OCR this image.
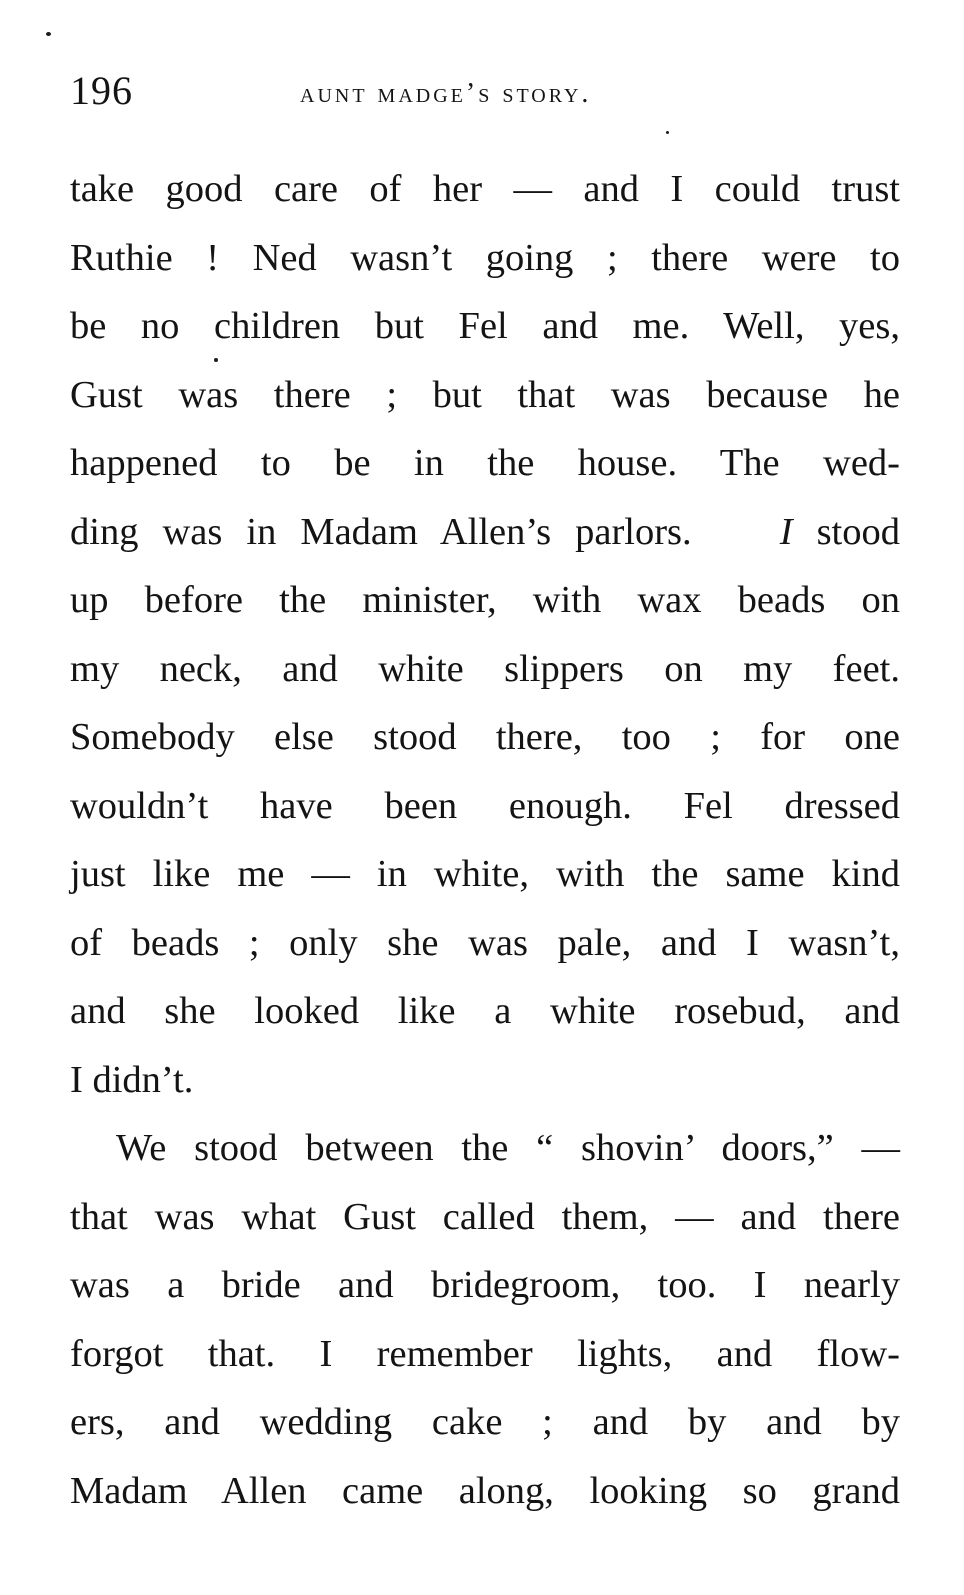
196	aunt madge’s story.
take good care of her — and I could trust
Ruthie ! Ned wasn’t going ; there were to
be no children but Fel and me. Well, yes,
Gust was there ; but that was because he
happened to be in the house. The wed-
ding was in Madam Allen’s parlors. I stood
up before the minister, with wax beads on
my neck, and white slippers on my feet.
Somebody else stood there, too ; for one
wouldn’t have been enough. Fel dressed
just like me — in white, with the same kind
of beads ; only she was pale, and I wasn’t,
and she looked like a white rosebud, and
I didn’t.
We stood between the “ shovin’ doors,” —
that was what Gust called them, — and there
was a bride and bridegroom, too. I nearly
forgot that. I remember lights, and flow-
ers, and wedding cake ; and by and by
Madam Allen came along, looking so grand
